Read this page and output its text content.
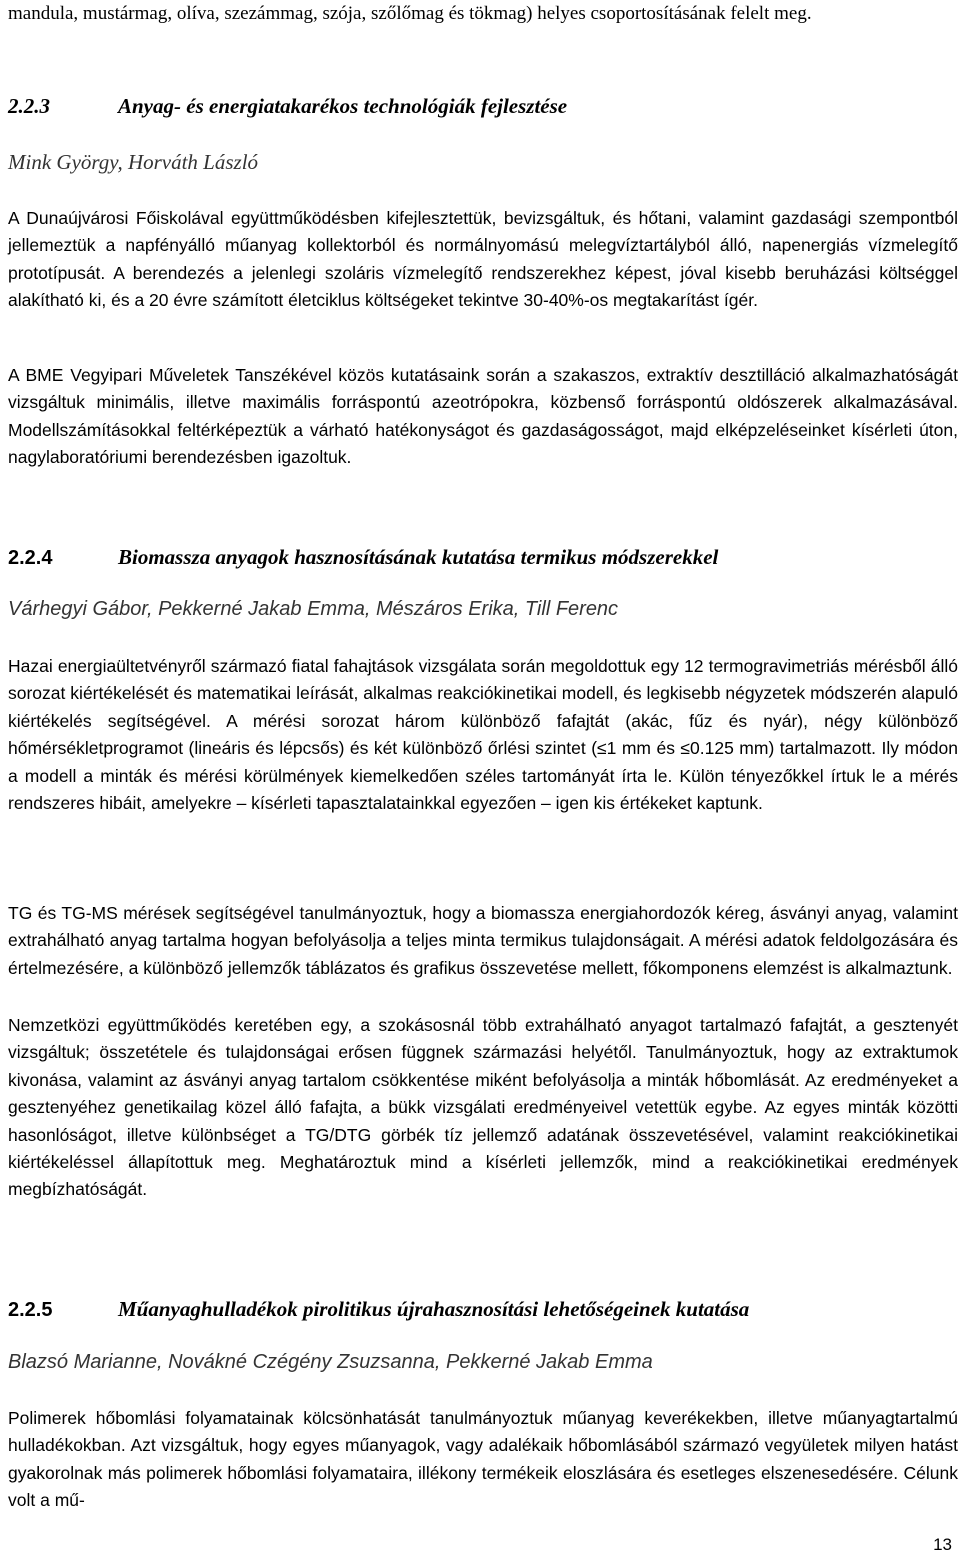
mandula, mustármag, olíva, szezámmag, szója, szőlőmag és tökmag) helyes csoportosításának felelt meg.

2.2.3	Anyag- és energiatakarékos technológiák fejlesztése

Mink György, Horváth László

A Dunaújvárosi Főiskolával együttműködésben kifejlesztettük, bevizsgáltuk, és hőtani, valamint gazdasági szempontból jellemeztük a napfényálló műanyag kollektorból és normálnyomású melegvíztartályból álló, napenergiás vízmelegítő prototípusát. A berendezés a jelenlegi szoláris vízmelegítő rendszerekhez képest, jóval kisebb beruházási költséggel alakítható ki, és a 20 évre számított életciklus költségeket tekintve 30-40%-os megtakarítást ígér.

A BME Vegyipari Műveletek Tanszékével közös kutatásaink során a szakaszos, extraktív desztilláció alkalmazhatóságát vizsgáltuk minimális, illetve maximális forráspontú azeotrópokra, közbenső forráspontú oldószerek alkalmazásával. Modellszámításokkal feltérképeztük a várható hatékonyságot és gazdaságosságot, majd elképzeléseinket kísérleti úton, nagylaboratóriumi berendezésben igazoltuk.

2.2.4	Biomassza anyagok hasznosításának kutatása termikus módszerekkel

Várhegyi Gábor, Pekkerné Jakab Emma, Mészáros Erika, Till Ferenc

Hazai energiaültetvényről származó fiatal fahajtások vizsgálata során megoldottuk egy 12 termogravimetriás mérésből álló sorozat kiértékelését és matematikai leírását, alkalmas reakciókinetikai modell, és legkisebb négyzetek módszerén alapuló kiértékelés segítségével. A mérési sorozat három különböző fafajtát (akác, fűz és nyár), négy különböző hőmérsékletprogramot (lineáris és lépcsős) és két különböző őrlési szintet (≤1 mm és ≤0.125 mm) tartalmazott. Ily módon a modell a minták és mérési körülmények kiemelkedően széles tartományát írta le. Külön tényezőkkel írtuk le a mérés rendszeres hibáit, amelyekre – kísérleti tapasztalatainkkal egyezően – igen kis értékeket kaptunk.

TG és TG-MS mérések segítségével tanulmányoztuk, hogy a biomassza energiahordozók kéreg, ásványi anyag, valamint extrahálható anyag tartalma hogyan befolyásolja a teljes minta termikus tulajdonságait. A mérési adatok feldolgozására és értelmezésére, a különböző jellemzők táblázatos és grafikus összevetése mellett, főkomponens elemzést is alkalmaztunk.

Nemzetközi együttműködés keretében egy, a szokásosnál több extrahálható anyagot tartalmazó fafajtát, a gesztenyét vizsgáltuk; összetétele és tulajdonságai erősen függnek származási helyétől. Tanulmányoztuk, hogy az extraktumok kivonása, valamint az ásványi anyag tartalom csökkentése miként befolyásolja a minták hőbomlását. Az eredményeket a gesztenyéhez genetikailag közel álló fafajta, a bükk vizsgálati eredményeivel vetettük egybe. Az egyes minták közötti hasonlóságot, illetve különbséget a TG/DTG görbék tíz jellemző adatának összevetésével, valamint reakciókinetikai kiértékeléssel állapítottuk meg. Meghatároztuk mind a kísérleti jellemzők, mind a reakciókinetikai eredmények megbízhatóságát.

2.2.5	Műanyaghulladékok pirolitikus újrahasznosítási lehetőségeinek kutatása

Blazsó Marianne, Novákné Czégény Zsuzsanna, Pekkerné Jakab Emma

Polimerek hőbomlási folyamatainak kölcsönhatását tanulmányoztuk műanyag keverékekben, illetve műanyagtartalmú hulladékokban. Azt vizsgáltuk, hogy egyes műanyagok, vagy adalékaik hőbomlásából származó vegyületek milyen hatást gyakorolnak más polimerek hőbomlási folyamataira, illékony termékeik eloszlására és esetleges elszenesedésére. Célunk volt a mű-

13
